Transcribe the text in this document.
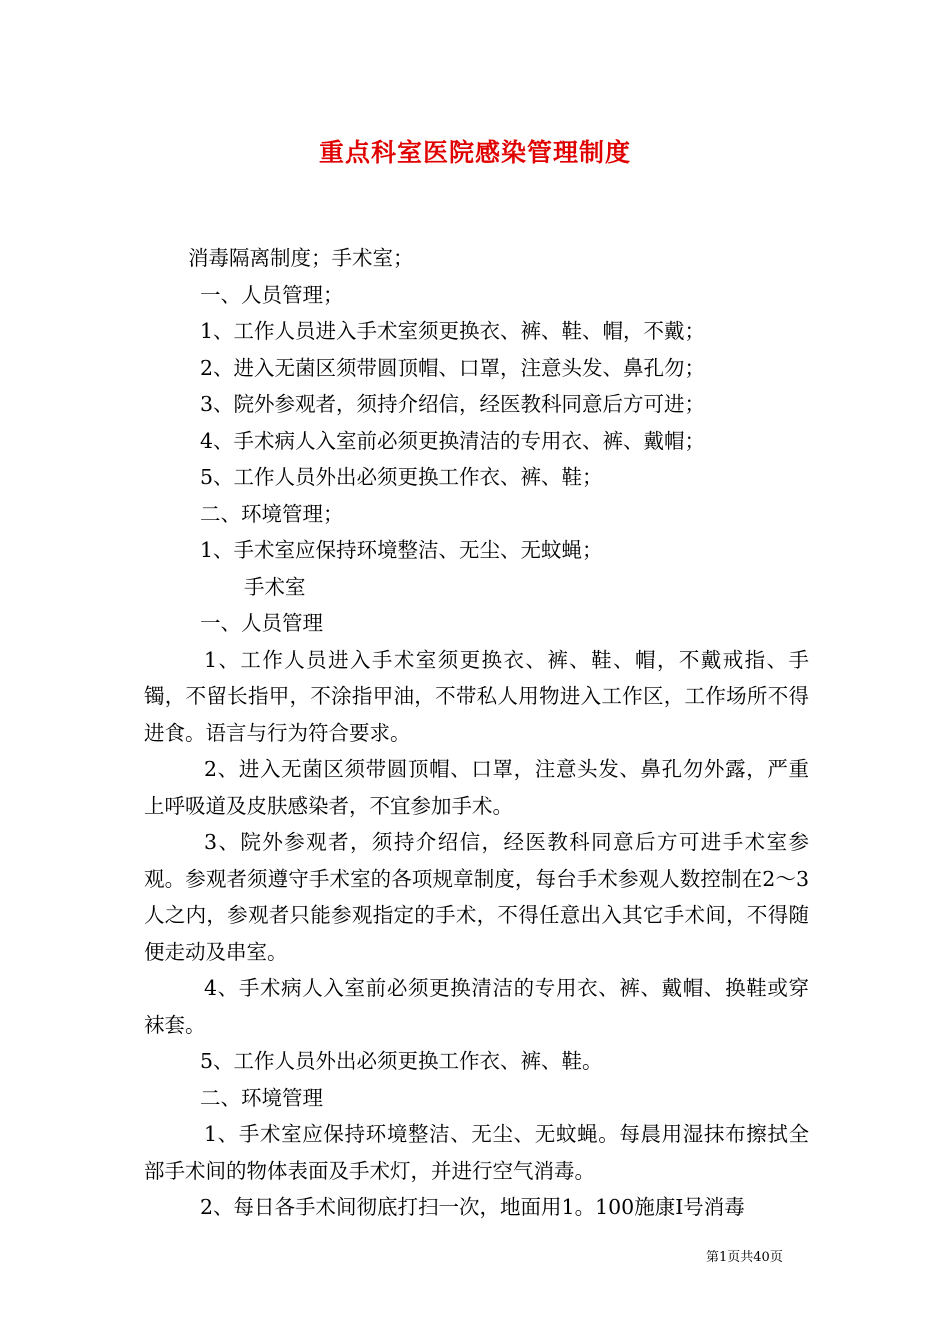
重点科室医院感染管理制度

消毒隔离制度；手术室；

一、人员管理；

1、工作人员进入手术室须更换衣、裤、鞋、帽，不戴；

2、进入无菌区须带圆顶帽、口罩，注意头发、鼻孔勿；

3、院外参观者，须持介绍信，经医教科同意后方可进；

4、手术病人入室前必须更换清洁的专用衣、裤、戴帽；

5、工作人员外出必须更换工作衣、裤、鞋；

二、环境管理；

1、手术室应保持环境整洁、无尘、无蚊蝇；

手术室

一、人员管理

1、工作人员进入手术室须更换衣、裤、鞋、帽，不戴戒指、手镯，不留长指甲，不涂指甲油，不带私人用物进入工作区，工作场所不得进食。语言与行为符合要求。

2、进入无菌区须带圆顶帽、口罩，注意头发、鼻孔勿外露，严重上呼吸道及皮肤感染者，不宜参加手术。

3、院外参观者，须持介绍信，经医教科同意后方可进手术室参观。参观者须遵守手术室的各项规章制度，每台手术参观人数控制在2～3人之内，参观者只能参观指定的手术，不得任意出入其它手术间，不得随便走动及串室。

4、手术病人入室前必须更换清洁的专用衣、裤、戴帽、换鞋或穿袜套。

5、工作人员外出必须更换工作衣、裤、鞋。

二、环境管理

1、手术室应保持环境整洁、无尘、无蚊蝇。每晨用湿抹布擦拭全部手术间的物体表面及手术灯，并进行空气消毒。

2、每日各手术间彻底打扫一次，地面用1。100施康Ⅰ号消毒

第1页共40页
